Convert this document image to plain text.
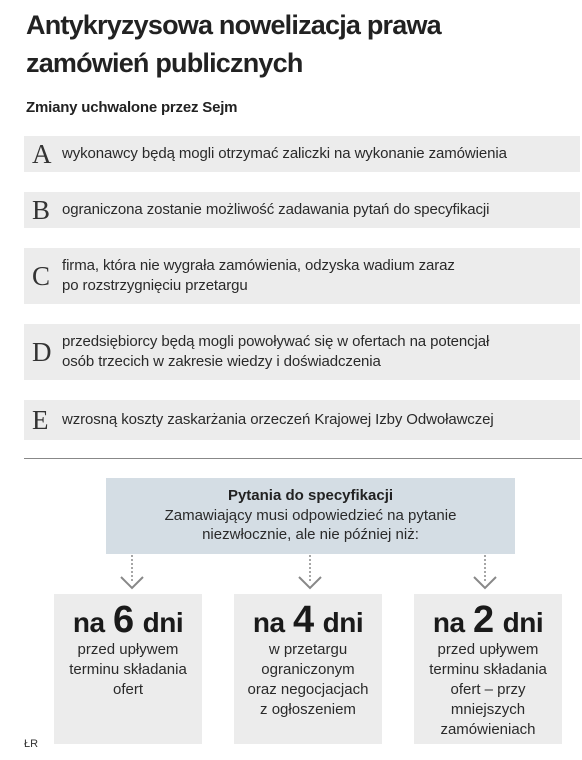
Antykryzysowa nowelizacja prawa
zamówień publicznych
Zmiany uchwalone przez Sejm
A wykonawcy będą mogli otrzymać zaliczki na wykonanie zamówienia
B ograniczona zostanie możliwość zadawania pytań do specyfikacji
C firma, która nie wygrała zamówienia, odzyska wadium zaraz
po rozstrzygnięciu przetargu
D przedsiębiorcy będą mogli powoływać się w ofertach na potencjał
osób trzecich w zakresie wiedzy i doświadczenia
E wzrosną koszty zaskarżania orzeczeń Krajowej Izby Odwoławczej
Pytania do specyfikacji
Zamawiający musi odpowiedzieć na pytanie niezwłocznie, ale nie później niż:
na 6 dni
przed upływem
terminu składania
ofert
na 4 dni
w przetargu
ograniczonym
oraz negocjacjach
z ogłoszeniem
na 2 dni
przed upływem
terminu składania
ofert – przy
mniejszych
zamówieniach
ŁR
